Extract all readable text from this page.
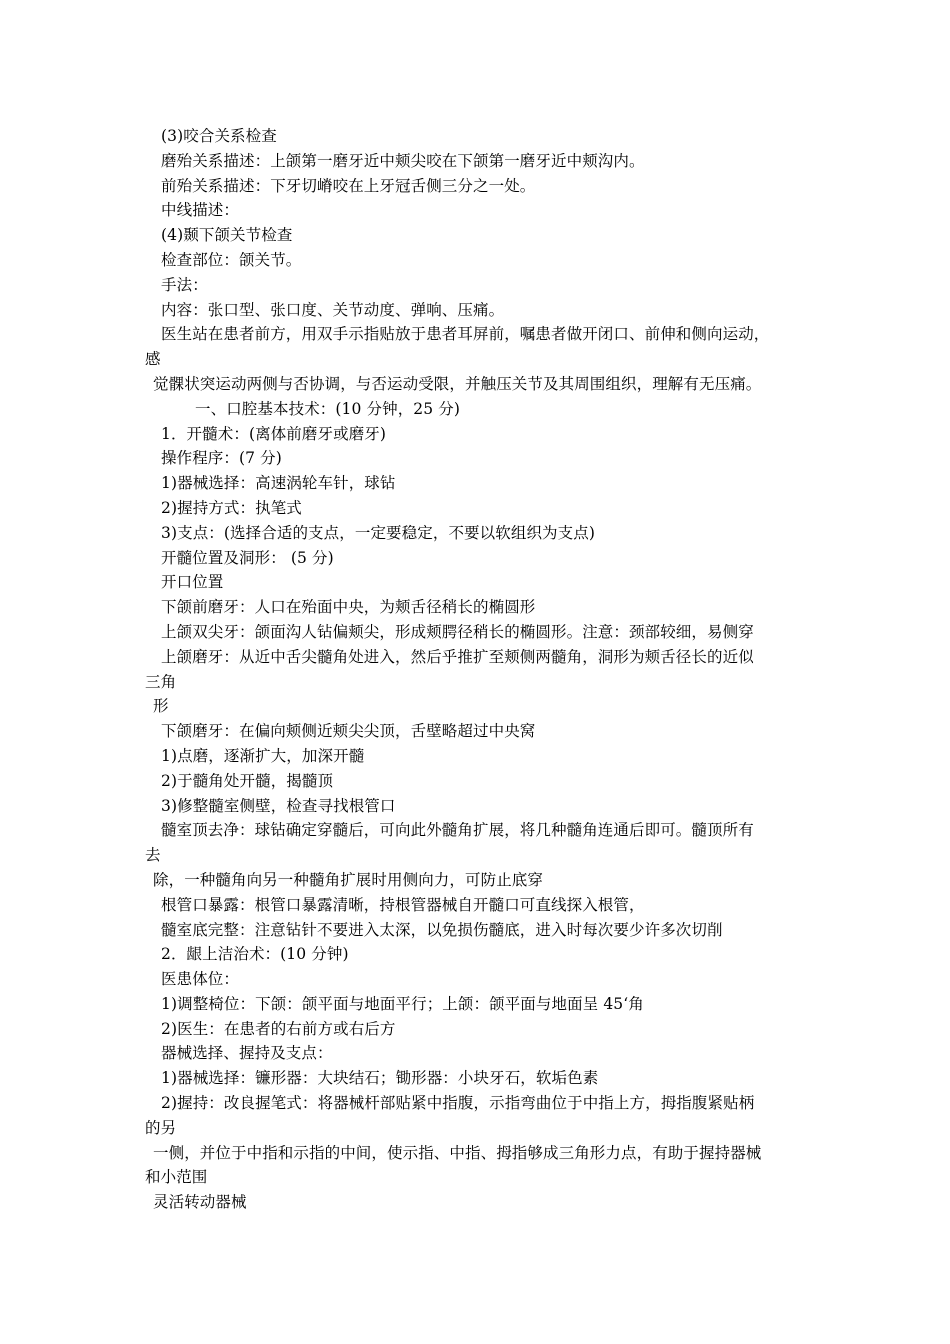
(3)咬合关系检查
磨殆关系描述：上颌第一磨牙近中颊尖咬在下颌第一磨牙近中颊沟内。
前殆关系描述：下牙切嵴咬在上牙冠舌侧三分之一处。
中线描述：
(4)颞下颌关节检查
检查部位：颌关节。
手法：
内容：张口型、张口度、关节动度、弹响、压痛。
医生站在患者前方，用双手示指贴放于患者耳屏前，嘱患者做开闭口、前伸和侧向运动，
感
觉髁状突运动两侧与否协调，与否运动受限，并触压关节及其周围组织，理解有无压痛。
一、口腔基本技术：(10 分钟，25 分)
1．开髓术：(离体前磨牙或磨牙)
操作程序：(7 分)
1)器械选择：高速涡轮车针，球钻
2)握持方式：执笔式
3)支点：(选择合适的支点，一定要稳定，不要以软组织为支点)
开髓位置及洞形： (5 分)
开口位置
下颌前磨牙：人口在殆面中央，为颊舌径稍长的椭圆形
上颌双尖牙：颌面沟人钻偏颊尖，形成颊腭径稍长的椭圆形。注意：颈部较细，易侧穿
上颌磨牙：从近中舌尖髓角处进入，然后乎推扩至颊侧两髓角，洞形为颊舌径长的近似
三角
形
下颌磨牙：在偏向颊侧近颊尖尖顶，舌壁略超过中央窝
1)点磨，逐渐扩大，加深开髓
2)于髓角处开髓，揭髓顶
3)修整髓室侧壁，检查寻找根管口
髓室顶去净：球钻确定穿髓后，可向此外髓角扩展，将几种髓角连通后即可。髓顶所有
去
除，一种髓角向另一种髓角扩展时用侧向力，可防止底穿
根管口暴露：根管口暴露清晰，持根管器械自开髓口可直线探入根管，
髓室底完整：注意钻针不要进入太深，以免损伤髓底，进入时每次要少许多次切削
2．龈上洁治术：(10 分钟)
医患体位：
1)调整椅位：下颌：颌平面与地面平行；上颌：颌平面与地面呈 45‘角
2)医生：在患者的右前方或右后方
器械选择、握持及支点：
1)器械选择：镰形器：大块结石；锄形器：小块牙石，软垢色素
2)握持：改良握笔式：将器械杆部贴紧中指腹，示指弯曲位于中指上方，拇指腹紧贴柄
的另
一侧，并位于中指和示指的中间，使示指、中指、拇指够成三角形力点，有助于握持器械
和小范围
灵活转动器械
